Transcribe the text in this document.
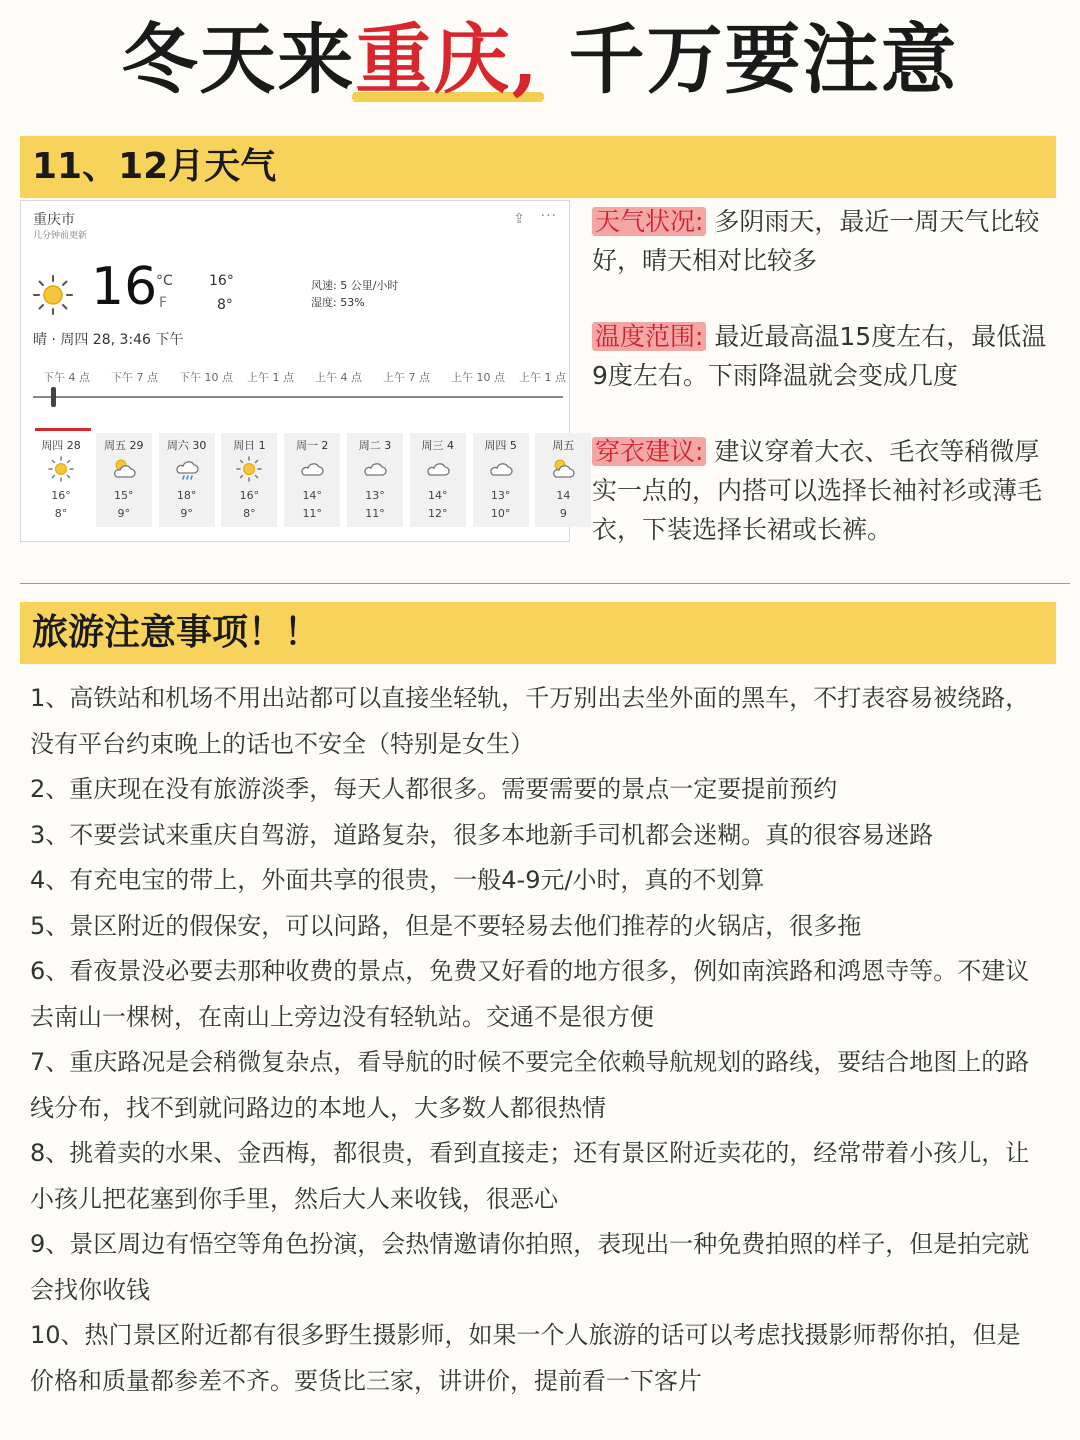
冬天来重庆, 千万要注意
11、12月天气
重庆市
几分钟前更新
⇪ ···
16
°C
F
16°
8°
风速: 5 公里/小时
湿度: 53%
晴 · 周四 28, 3:46 下午
下午 4 点 下午 7 点 下午 10 点 上午 1 点 上午 4 点 上午 7 点 上午 10 点 上午 1 点
周四 28
16°
8°
周五 29
15°
9°
周六 30
18°
9°
周日 1
16°
8°
周一 2
14°
11°
周二 3
13°
11°
周三 4
14°
12°
周四 5
13°
10°
周五
14
9
天气状况: 多阴雨天，最近一周天气比较好，晴天相对比较多
温度范围: 最近最高温15度左右，最低温9度左右。下雨降温就会变成几度
穿衣建议: 建议穿着大衣、毛衣等稍微厚实一点的，内搭可以选择长袖衬衫或薄毛衣，下装选择长裙或长裤。
旅游注意事项！！
1、高铁站和机场不用出站都可以直接坐轻轨，千万别出去坐外面的黑车，不打表容易被绕路，没有平台约束晚上的话也不安全（特别是女生）
2、重庆现在没有旅游淡季，每天人都很多。需要需要的景点一定要提前预约
3、不要尝试来重庆自驾游，道路复杂，很多本地新手司机都会迷糊。真的很容易迷路
4、有充电宝的带上，外面共享的很贵，一般4-9元/小时，真的不划算
5、景区附近的假保安，可以问路，但是不要轻易去他们推荐的火锅店，很多拖
6、看夜景没必要去那种收费的景点，免费又好看的地方很多，例如南滨路和鸿恩寺等。不建议去南山一棵树，在南山上旁边没有轻轨站。交通不是很方便
7、重庆路况是会稍微复杂点，看导航的时候不要完全依赖导航规划的路线，要结合地图上的路线分布，找不到就问路边的本地人，大多数人都很热情
8、挑着卖的水果、金西梅，都很贵，看到直接走；还有景区附近卖花的，经常带着小孩儿，让小孩儿把花塞到你手里，然后大人来收钱，很恶心
9、景区周边有悟空等角色扮演，会热情邀请你拍照，表现出一种免费拍照的样子，但是拍完就会找你收钱
10、热门景区附近都有很多野生摄影师，如果一个人旅游的话可以考虑找摄影师帮你拍，但是价格和质量都参差不齐。要货比三家，讲讲价，提前看一下客片
